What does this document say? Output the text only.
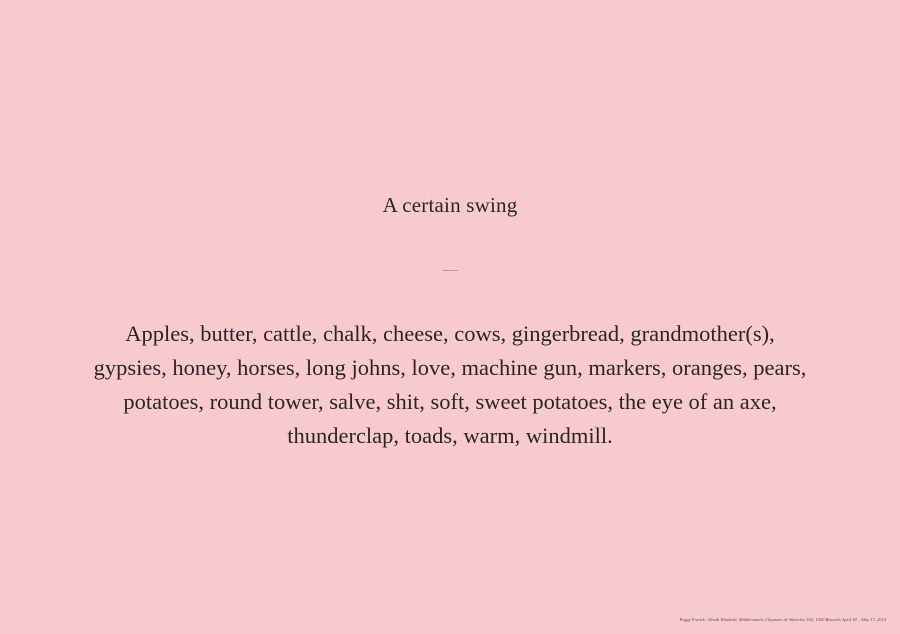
A certain swing
Apples, butter, cattle, chalk, cheese, cows, gingerbread, grandmother(s),
gypsies, honey, horses, long johns, love, machine gun, markers, oranges, pears,
potatoes, round tower, salve, shit, soft, sweet potatoes, the eye of an axe,
thunderclap, toads, warm, windmill.
Peggy Franck · Death Windmill, Middlemarch, Chaussée de Waterloo 550, 1050 Brussels April 18 – May 17, 2014
